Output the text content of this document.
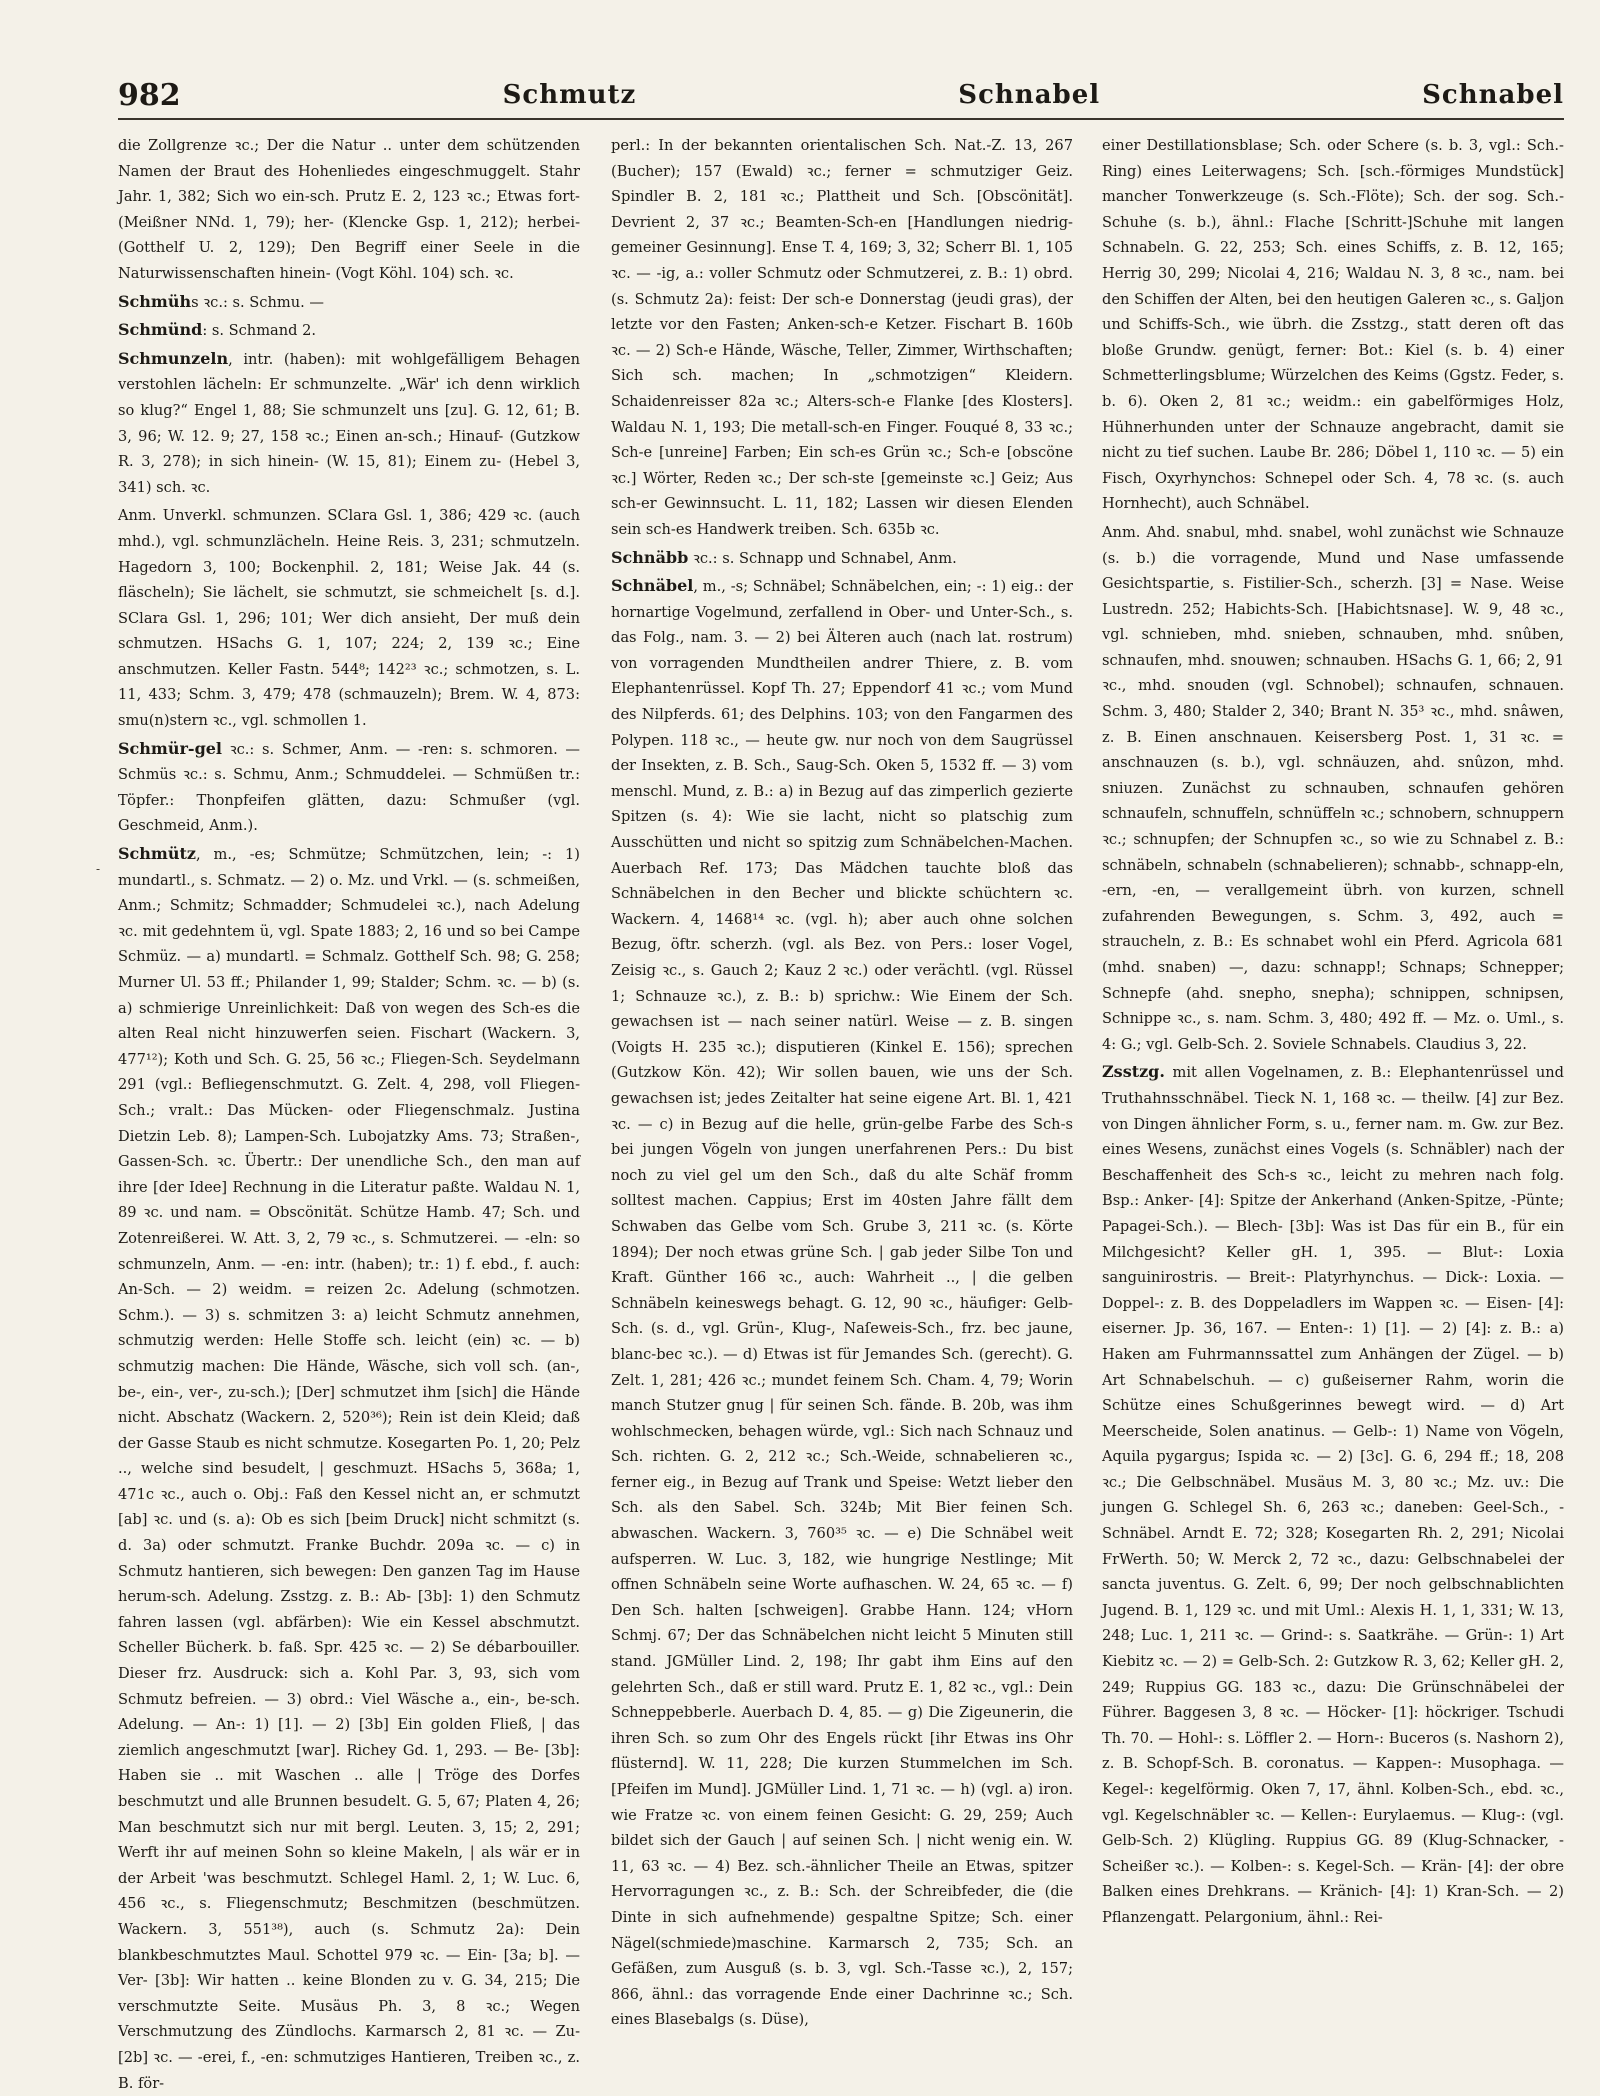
982	Schmutz	Schnabel	Schnabel
-

die Zollgrenze ꝛc.; Der die Natur .. unter dem schützenden Namen der Braut des Hohenliedes eingeschmuggelt. Stahr Jahr. 1, 382; Sich wo ein-sch. Prutz E. 2, 123 ꝛc.; Etwas fort- (Meißner NNd. 1, 79); her- (Klencke Gsp. 1, 212); herbei- (Gotthelf U. 2, 129); Den Begriff einer Seele in die Naturwissenschaften hinein- (Vogt Köhl. 104) sch. ꝛc.

Schmühs ꝛc.: s. Schmu. —

Schmünd: s. Schmand 2.

Schmunzeln, intr. (haben): mit wohlgefälligem Behagen verstohlen lächeln: Er schmunzelte. „Wär' ich denn wirklich so klug?“ Engel 1, 88; Sie schmunzelt uns [zu]. G. 12, 61; B. 3, 96; W. 12. 9; 27, 158 ꝛc.; Einen an-sch.; Hinauf- (Gutzkow R. 3, 278); in sich hinein- (W. 15, 81); Einem zu- (Hebel 3, 341) sch. ꝛc.

Anm. Unverkl. schmunzen. SClara Gsl. 1, 386; 429 ꝛc. (auch mhd.), vgl. schmunzlächeln. Heine Reis. 3, 231; schmutzeln. Hagedorn 3, 100; Bockenphil. 2, 181; Weise Jak. 44 (s. fläscheln); Sie lächelt, sie schmutzt, sie schmeichelt [s. d.]. SClara Gsl. 1, 296; 101; Wer dich ansieht, Der muß dein schmutzen. HSachs G. 1, 107; 224; 2, 139 ꝛc.; Eine anschmutzen. Keller Fastn. 544⁸; 142²³ ꝛc.; schmotzen, s. L. 11, 433; Schm. 3, 479; 478 (schmauzeln); Brem. W. 4, 873: smu(n)stern ꝛc., vgl. schmollen 1.

Schmür-gel ꝛc.: s. Schmer, Anm. — -ren: s. schmoren. — Schmüs ꝛc.: s. Schmu, Anm.; Schmuddelei. — Schmüßen tr.: Töpfer.: Thonpfeifen glätten, dazu: Schmußer (vgl. Geschmeid, Anm.).

Schmütz, m., -es; Schmütze; Schmützchen, lein; -: 1) mundartl., s. Schmatz. — 2) o. Mz. und Vrkl. — (s. schmeißen, Anm.; Schmitz; Schmadder; Schmudelei ꝛc.), nach Adelung ꝛc. mit gedehntem ü, vgl. Spate 1883; 2, 16 und so bei Campe Schmüz. — a) mundartl. = Schmalz. Gotthelf Sch. 98; G. 258; Murner Ul. 53 ff.; Philander 1, 99; Stalder; Schm. ꝛc. — b) (s. a) schmierige Unreinlichkeit: Daß von wegen des Sch-es die alten Real nicht hinzuwerfen seien. Fischart (Wackern. 3, 477¹²); Koth und Sch. G. 25, 56 ꝛc.; Fliegen-Sch. Seydelmann 291 (vgl.: Befliegenschmutzt. G. Zelt. 4, 298, voll Fliegen-Sch.; vralt.: Das Mücken- oder Fliegenschmalz. Justina Dietzin Leb. 8); Lampen-Sch. Lubojatzky Ams. 73; Straßen-, Gassen-Sch. ꝛc. Übertr.: Der unendliche Sch., den man auf ihre [der Idee] Rechnung in die Literatur paßte. Waldau N. 1, 89 ꝛc. und nam. = Obscönität. Schütze Hamb. 47; Sch. und Zotenreißerei. W. Att. 3, 2, 79 ꝛc., s. Schmutzerei. — -eln: so schmunzeln, Anm. — -en: intr. (haben); tr.: 1) f. ebd., f. auch: An-Sch. — 2) weidm. = reizen 2c. Adelung (schmotzen. Schm.). — 3) s. schmitzen 3: a) leicht Schmutz annehmen, schmutzig werden: Helle Stoffe sch. leicht (ein) ꝛc. — b) schmutzig machen: Die Hände, Wäsche, sich voll sch. (an-, be-, ein-, ver-, zu-sch.); [Der] schmutzet ihm [sich] die Hände nicht. Abschatz (Wackern. 2, 520³⁶); Rein ist dein Kleid; daß der Gasse Staub es nicht schmutze. Kosegarten Po. 1, 20; Pelz .., welche sind besudelt, | geschmuzt. HSachs 5, 368a; 1, 471c ꝛc., auch o. Obj.: Faß den Kessel nicht an, er schmutzt [ab] ꝛc. und (s. a): Ob es sich [beim Druck] nicht schmitzt (s. d. 3a) oder schmutzt. Franke Buchdr. 209a ꝛc. — c) in Schmutz hantieren, sich bewegen: Den ganzen Tag im Hause herum-sch. Adelung. Zsstzg. z. B.: Ab- [3b]: 1) den Schmutz fahren lassen (vgl. abfärben): Wie ein Kessel abschmutzt. Scheller Bücherk. b. faß. Spr. 425 ꝛc. — 2) Se débarbouiller. Dieser frz. Ausdruck: sich a. Kohl Par. 3, 93, sich vom Schmutz befreien. — 3) obrd.: Viel Wäsche a., ein-, be-sch. Adelung. — An-: 1) [1]. — 2) [3b] Ein golden Fließ, | das ziemlich angeschmutzt [war]. Richey Gd. 1, 293. — Be- [3b]: Haben sie .. mit Waschen .. alle | Tröge des Dorfes beschmutzt und alle Brunnen besudelt. G. 5, 67; Platen 4, 26; Man beschmutzt sich nur mit bergl. Leuten. 3, 15; 2, 291; Werft ihr auf meinen Sohn so kleine Makeln, | als wär er in der Arbeit 'was beschmutzt. Schlegel Haml. 2, 1; W. Luc. 6, 456 ꝛc., s. Fliegenschmutz; Beschmitzen (beschmützen. Wackern. 3, 551³⁸), auch (s. Schmutz 2a): Dein blankbeschmutztes Maul. Schottel 979 ꝛc. — Ein- [3a; b]. — Ver- [3b]: Wir hatten .. keine Blonden zu v. G. 34, 215; Die verschmutzte Seite. Musäus Ph. 3, 8 ꝛc.; Wegen Verschmutzung des Zündlochs. Karmarsch 2, 81 ꝛc. — Zu- [2b] ꝛc. — -erei, f., -en: schmutziges Hantieren, Treiben ꝛc., z. B. för-

perl.: In der bekannten orientalischen Sch. Nat.-Z. 13, 267 (Bucher); 157 (Ewald) ꝛc.; ferner = schmutziger Geiz. Spindler B. 2, 181 ꝛc.; Plattheit und Sch. [Obscönität]. Devrient 2, 37 ꝛc.; Beamten-Sch-en [Handlungen niedrig-gemeiner Gesinnung]. Ense T. 4, 169; 3, 32; Scherr Bl. 1, 105 ꝛc. — -ig, a.: voller Schmutz oder Schmutzerei, z. B.: 1) obrd. (s. Schmutz 2a): feist: Der sch-e Donnerstag (jeudi gras), der letzte vor den Fasten; Anken-sch-e Ketzer. Fischart B. 160b ꝛc. — 2) Sch-e Hände, Wäsche, Teller, Zimmer, Wirthschaften; Sich sch. machen; In „schmotzigen“ Kleidern. Schaidenreisser 82a ꝛc.; Alters-sch-e Flanke [des Klosters]. Waldau N. 1, 193; Die metall-sch-en Finger. Fouqué 8, 33 ꝛc.; Sch-e [unreine] Farben; Ein sch-es Grün ꝛc.; Sch-e [obscöne ꝛc.] Wörter, Reden ꝛc.; Der sch-ste [gemeinste ꝛc.] Geiz; Aus sch-er Gewinnsucht. L. 11, 182; Lassen wir diesen Elenden sein sch-es Handwerk treiben. Sch. 635b ꝛc.

Schnäbb ꝛc.: s. Schnapp und Schnabel, Anm.

Schnäbel, m., -s; Schnäbel; Schnäbelchen, ein; -: 1) eig.: der hornartige Vogelmund, zerfallend in Ober- und Unter-Sch., s. das Folg., nam. 3. — 2) bei Älteren auch (nach lat. rostrum) von vorragenden Mundtheilen andrer Thiere, z. B. vom Elephantenrüssel. Kopf Th. 27; Eppendorf 41 ꝛc.; vom Mund des Nilpferds. 61; des Delphins. 103; von den Fangarmen des Polypen. 118 ꝛc., — heute gw. nur noch von dem Saugrüssel der Insekten, z. B. Sch., Saug-Sch. Oken 5, 1532 ff. — 3) vom menschl. Mund, z. B.: a) in Bezug auf das zimperlich gezierte Spitzen (s. 4): Wie sie lacht, nicht so platschig zum Ausschütten und nicht so spitzig zum Schnäbelchen-Machen. Auerbach Ref. 173; Das Mädchen tauchte bloß das Schnäbelchen in den Becher und blickte schüchtern ꝛc. Wackern. 4, 1468¹⁴ ꝛc. (vgl. h); aber auch ohne solchen Bezug, öftr. scherzh. (vgl. als Bez. von Pers.: loser Vogel, Zeisig ꝛc., s. Gauch 2; Kauz 2 ꝛc.) oder verächtl. (vgl. Rüssel 1; Schnauze ꝛc.), z. B.: b) sprichw.: Wie Einem der Sch. gewachsen ist — nach seiner natürl. Weise — z. B. singen (Voigts H. 235 ꝛc.); disputieren (Kinkel E. 156); sprechen (Gutzkow Kön. 42); Wir sollen bauen, wie uns der Sch. gewachsen ist; jedes Zeitalter hat seine eigene Art. Bl. 1, 421 ꝛc. — c) in Bezug auf die helle, grün-gelbe Farbe des Sch-s bei jungen Vögeln von jungen unerfahrenen Pers.: Du bist noch zu viel gel um den Sch., daß du alte Schäf fromm solltest machen. Cappius; Erst im 40sten Jahre fällt dem Schwaben das Gelbe vom Sch. Grube 3, 211 ꝛc. (s. Körte 1894); Der noch etwas grüne Sch. | gab jeder Silbe Ton und Kraft. Günther 166 ꝛc., auch: Wahrheit .., | die gelben Schnäbeln keineswegs behagt. G. 12, 90 ꝛc., häufiger: Gelb-Sch. (s. d., vgl. Grün-, Klug-, Naſeweis-Sch., frz. bec jaune, blanc-bec ꝛc.). — d) Etwas ist für Jemandes Sch. (gerecht). G. Zelt. 1, 281; 426 ꝛc.; mundet feinem Sch. Cham. 4, 79; Worin manch Stutzer gnug | für seinen Sch. fände. B. 20b, was ihm wohlschmecken, behagen würde, vgl.: Sich nach Schnauz und Sch. richten. G. 2, 212 ꝛc.; Sch.-Weide, schnabelieren ꝛc., ferner eig., in Bezug auf Trank und Speise: Wetzt lieber den Sch. als den Sabel. Sch. 324b; Mit Bier feinen Sch. abwaschen. Wackern. 3, 760³⁵ ꝛc. — e) Die Schnäbel weit aufsperren. W. Luc. 3, 182, wie hungrige Nestlinge; Mit offnen Schnäbeln seine Worte aufhaschen. W. 24, 65 ꝛc. — f) Den Sch. halten [schweigen]. Grabbe Hann. 124; vHorn Schmj. 67; Der das Schnäbelchen nicht leicht 5 Minuten still stand. JGMüller Lind. 2, 198; Ihr gabt ihm Eins auf den gelehrten Sch., daß er still ward. Prutz E. 1, 82 ꝛc., vgl.: Dein Schneppebberle. Auerbach D. 4, 85. — g) Die Zigeunerin, die ihren Sch. so zum Ohr des Engels rückt [ihr Etwas ins Ohr flüsternd]. W. 11, 228; Die kurzen Stummelchen im Sch. [Pfeifen im Mund]. JGMüller Lind. 1, 71 ꝛc. — h) (vgl. a) iron. wie Fratze ꝛc. von einem feinen Gesicht: G. 29, 259; Auch bildet sich der Gauch | auf seinen Sch. | nicht wenig ein. W. 11, 63 ꝛc. — 4) Bez. sch.-ähnlicher Theile an Etwas, spitzer Hervorragungen ꝛc., z. B.: Sch. der Schreibfeder, die (die Dinte in sich aufnehmende) gespaltne Spitze; Sch. einer Nägel(schmiede)maschine. Karmarsch 2, 735; Sch. an Gefäßen, zum Ausguß (s. b. 3, vgl. Sch.-Tasse ꝛc.), 2, 157; 866, ähnl.: das vorragende Ende einer Dachrinne ꝛc.; Sch. eines Blasebalgs (s. Düse),

einer Destillationsblase; Sch. oder Schere (s. b. 3, vgl.: Sch.-Ring) eines Leiterwagens; Sch. [sch.-förmiges Mundstück] mancher Tonwerkzeuge (s. Sch.-Flöte); Sch. der sog. Sch.-Schuhe (s. b.), ähnl.: Flache [Schritt-]Schuhe mit langen Schnabeln. G. 22, 253; Sch. eines Schiffs, z. B. 12, 165; Herrig 30, 299; Nicolai 4, 216; Waldau N. 3, 8 ꝛc., nam. bei den Schiffen der Alten, bei den heutigen Galeren ꝛc., s. Galjon und Schiffs-Sch., wie übrh. die Zsstzg., statt deren oft das bloße Grundw. genügt, ferner: Bot.: Kiel (s. b. 4) einer Schmetterlingsblume; Würzelchen des Keims (Ggstz. Feder, s. b. 6). Oken 2, 81 ꝛc.; weidm.: ein gabelförmiges Holz, Hühnerhunden unter der Schnauze angebracht, damit sie nicht zu tief suchen. Laube Br. 286; Döbel 1, 110 ꝛc. — 5) ein Fisch, Oxyrhynchos: Schnepel oder Sch. 4, 78 ꝛc. (s. auch Hornhecht), auch Schnäbel.

Anm. Ahd. snabul, mhd. snabel, wohl zunächst wie Schnauze (s. b.) die vorragende, Mund und Nase umfassende Gesichtspartie, s. Fistilier-Sch., scherzh. [3] = Nase. Weise Lustredn. 252; Habichts-Sch. [Habichtsnase]. W. 9, 48 ꝛc., vgl. schnieben, mhd. snieben, schnauben, mhd. snûben, schnaufen, mhd. snouwen; schnauben. HSachs G. 1, 66; 2, 91 ꝛc., mhd. snouden (vgl. Schnobel); schnaufen, schnauen. Schm. 3, 480; Stalder 2, 340; Brant N. 35³ ꝛc., mhd. snâwen, z. B. Einen anschnauen. Keisersberg Post. 1, 31 ꝛc. = anschnauzen (s. b.), vgl. schnäuzen, ahd. snûzon, mhd. sniuzen. Zunächst zu schnauben, schnaufen gehören schnaufeln, schnuffeln, schnüffeln ꝛc.; schnobern, schnuppern ꝛc.; schnupfen; der Schnupfen ꝛc., so wie zu Schnabel z. B.: schnäbeln, schnabeln (schnabelieren); schnabb-, schnapp-eln, -ern, -en, — verallgemeint übrh. von kurzen, schnell zufahrenden Bewegungen, s. Schm. 3, 492, auch = straucheln, z. B.: Es schnabet wohl ein Pferd. Agricola 681 (mhd. snaben) —, dazu: schnapp!; Schnaps; Schnepper; Schnepfe (ahd. snepho, snepha); schnippen, schnipsen, Schnippe ꝛc., s. nam. Schm. 3, 480; 492 ff. — Mz. o. Uml., s. 4: G.; vgl. Gelb-Sch. 2. Soviele Schnabels. Claudius 3, 22.

Zsstzg. mit allen Vogelnamen, z. B.: Elephantenrüssel und Truthahnsschnäbel. Tieck N. 1, 168 ꝛc. — theilw. [4] zur Bez. von Dingen ähnlicher Form, s. u., ferner nam. m. Gw. zur Bez. eines Wesens, zunächst eines Vogels (s. Schnäbler) nach der Beschaffenheit des Sch-s ꝛc., leicht zu mehren nach folg. Bsp.: Anker- [4]: Spitze der Ankerhand (Anken-Spitze, -Pünte; Papagei-Sch.). — Blech- [3b]: Was ist Das für ein B., für ein Milchgesicht? Keller gH. 1, 395. — Blut-: Loxia sanguinirostris. — Breit-: Platyrhynchus. — Dick-: Loxia. — Doppel-: z. B. des Doppeladlers im Wappen ꝛc. — Eisen- [4]: eiserner. Jp. 36, 167. — Enten-: 1) [1]. — 2) [4]: z. B.: a) Haken am Fuhrmannssattel zum Anhängen der Zügel. — b) Art Schnabelschuh. — c) gußeiserner Rahm, worin die Schütze eines Schußgerinnes bewegt wird. — d) Art Meerscheide, Solen anatinus. — Gelb-: 1) Name von Vögeln, Aquila pygargus; Ispida ꝛc. — 2) [3c]. G. 6, 294 ff.; 18, 208 ꝛc.; Die Gelbschnäbel. Musäus M. 3, 80 ꝛc.; Mz. uv.: Die jungen G. Schlegel Sh. 6, 263 ꝛc.; daneben: Geel-Sch., -Schnäbel. Arndt E. 72; 328; Kosegarten Rh. 2, 291; Nicolai FrWerth. 50; W. Merck 2, 72 ꝛc., dazu: Gelbschnabelei der sancta juventus. G. Zelt. 6, 99; Der noch gelbschnablichten Jugend. B. 1, 129 ꝛc. und mit Uml.: Alexis H. 1, 1, 331; W. 13, 248; Luc. 1, 211 ꝛc. — Grind-: s. Saatkrähe. — Grün-: 1) Art Kiebitz ꝛc. — 2) = Gelb-Sch. 2: Gutzkow R. 3, 62; Keller gH. 2, 249; Ruppius GG. 183 ꝛc., dazu: Die Grünschnäbelei der Führer. Baggesen 3, 8 ꝛc. — Höcker- [1]: höckriger. Tschudi Th. 70. — Hohl-: s. Löffler 2. — Horn-: Buceros (s. Nashorn 2), z. B. Schopf-Sch. B. coronatus. — Kappen-: Musophaga. — Kegel-: kegelförmig. Oken 7, 17, ähnl. Kolben-Sch., ebd. ꝛc., vgl. Kegelschnäbler ꝛc. — Kellen-: Eurylaemus. — Klug-: (vgl. Gelb-Sch. 2) Klügling. Ruppius GG. 89 (Klug-Schnacker, -Scheißer ꝛc.). — Kolben-: s. Kegel-Sch. — Krän- [4]: der obre Balken eines Drehkrans. — Kränich- [4]: 1) Kran-Sch. — 2) Pflanzengatt. Pelargonium, ähnl.: Rei-
